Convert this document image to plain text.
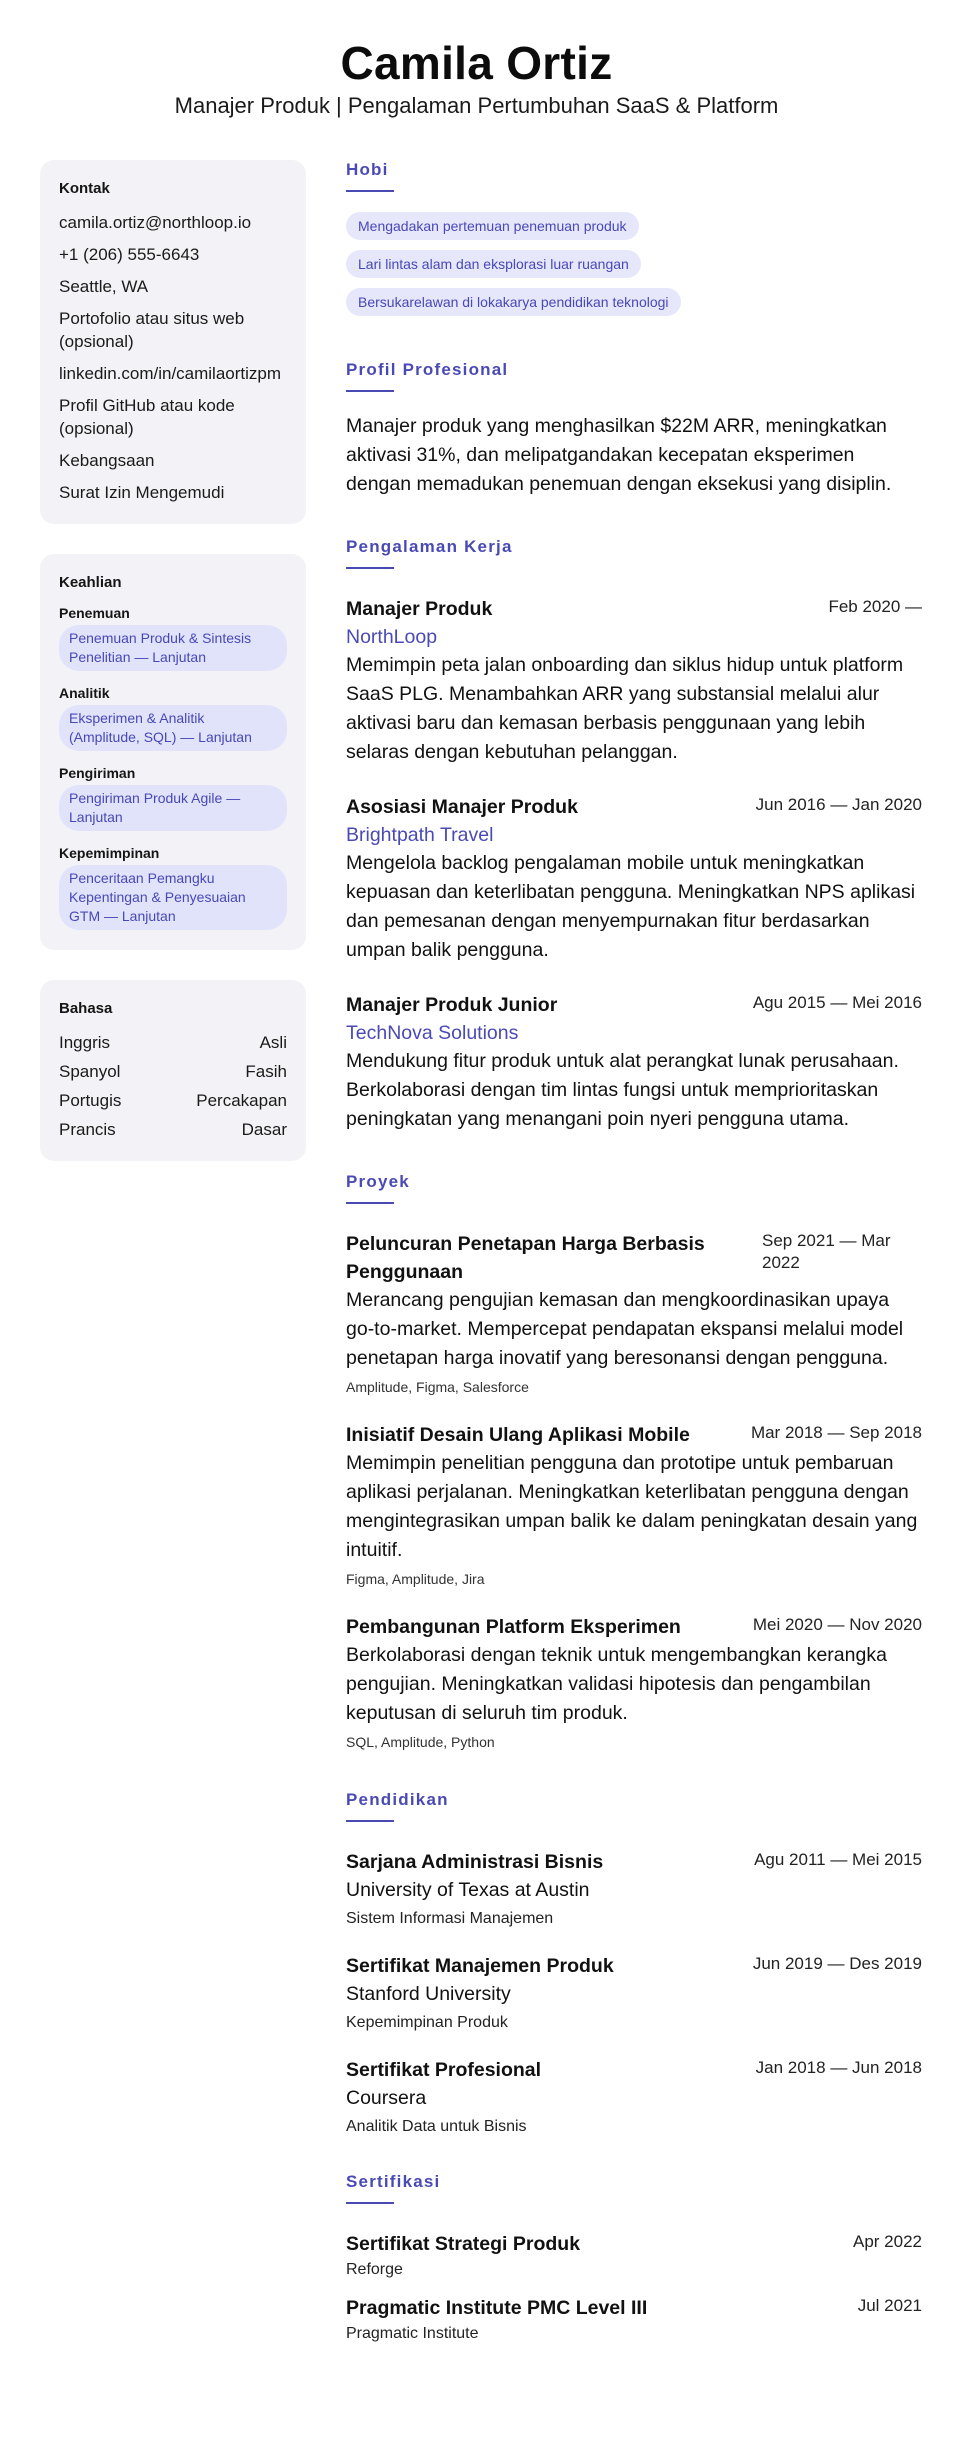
Camila Ortiz
Manajer Produk | Pengalaman Pertumbuhan SaaS & Platform
Kontak
camila.ortiz@northloop.io
+1 (206) 555-6643
Seattle, WA
Portofolio atau situs web (opsional)
linkedin.com/in/camilaortizpm
Profil GitHub atau kode (opsional)
Kebangsaan
Surat Izin Mengemudi
Keahlian
Penemuan
Penemuan Produk & Sintesis Penelitian — Lanjutan
Analitik
Eksperimen & Analitik (Amplitude, SQL) — Lanjutan
Pengiriman
Pengiriman Produk Agile — Lanjutan
Kepemimpinan
Penceritaan Pemangku Kepentingan & Penyesuaian GTM — Lanjutan
Bahasa
Inggris	Asli
Spanyol	Fasih
Portugis	Percakapan
Prancis	Dasar
Hobi
Mengadakan pertemuan penemuan produk
Lari lintas alam dan eksplorasi luar ruangan
Bersukarelawan di lokakarya pendidikan teknologi
Profil Profesional
Manajer produk yang menghasilkan $22M ARR, meningkatkan aktivasi 31%, dan melipatgandakan kecepatan eksperimen dengan memadukan penemuan dengan eksekusi yang disiplin.
Pengalaman Kerja
Manajer Produk	Feb 2020 —
NorthLoop
Memimpin peta jalan onboarding dan siklus hidup untuk platform SaaS PLG. Menambahkan ARR yang substansial melalui alur aktivasi baru dan kemasan berbasis penggunaan yang lebih selaras dengan kebutuhan pelanggan.
Asosiasi Manajer Produk	Jun 2016 — Jan 2020
Brightpath Travel
Mengelola backlog pengalaman mobile untuk meningkatkan kepuasan dan keterlibatan pengguna. Meningkatkan NPS aplikasi dan pemesanan dengan menyempurnakan fitur berdasarkan umpan balik pengguna.
Manajer Produk Junior	Agu 2015 — Mei 2016
TechNova Solutions
Mendukung fitur produk untuk alat perangkat lunak perusahaan. Berkolaborasi dengan tim lintas fungsi untuk memprioritaskan peningkatan yang menangani poin nyeri pengguna utama.
Proyek
Peluncuran Penetapan Harga Berbasis Penggunaan
Sep 2021 — Mar 2022
Merancang pengujian kemasan dan mengkoordinasikan upaya go-to-market. Mempercepat pendapatan ekspansi melalui model penetapan harga inovatif yang beresonansi dengan pengguna.
Amplitude, Figma, Salesforce
Inisiatif Desain Ulang Aplikasi Mobile	Mar 2018 — Sep 2018
Memimpin penelitian pengguna dan prototipe untuk pembaruan aplikasi perjalanan. Meningkatkan keterlibatan pengguna dengan mengintegrasikan umpan balik ke dalam peningkatan desain yang intuitif.
Figma, Amplitude, Jira
Pembangunan Platform Eksperimen	Mei 2020 — Nov 2020
Berkolaborasi dengan teknik untuk mengembangkan kerangka pengujian. Meningkatkan validasi hipotesis dan pengambilan keputusan di seluruh tim produk.
SQL, Amplitude, Python
Pendidikan
Sarjana Administrasi Bisnis	Agu 2011 — Mei 2015
University of Texas at Austin
Sistem Informasi Manajemen
Sertifikat Manajemen Produk	Jun 2019 — Des 2019
Stanford University
Kepemimpinan Produk
Sertifikat Profesional	Jan 2018 — Jun 2018
Coursera
Analitik Data untuk Bisnis
Sertifikasi
Sertifikat Strategi Produk	Apr 2022
Reforge
Pragmatic Institute PMC Level III	Jul 2021
Pragmatic Institute
